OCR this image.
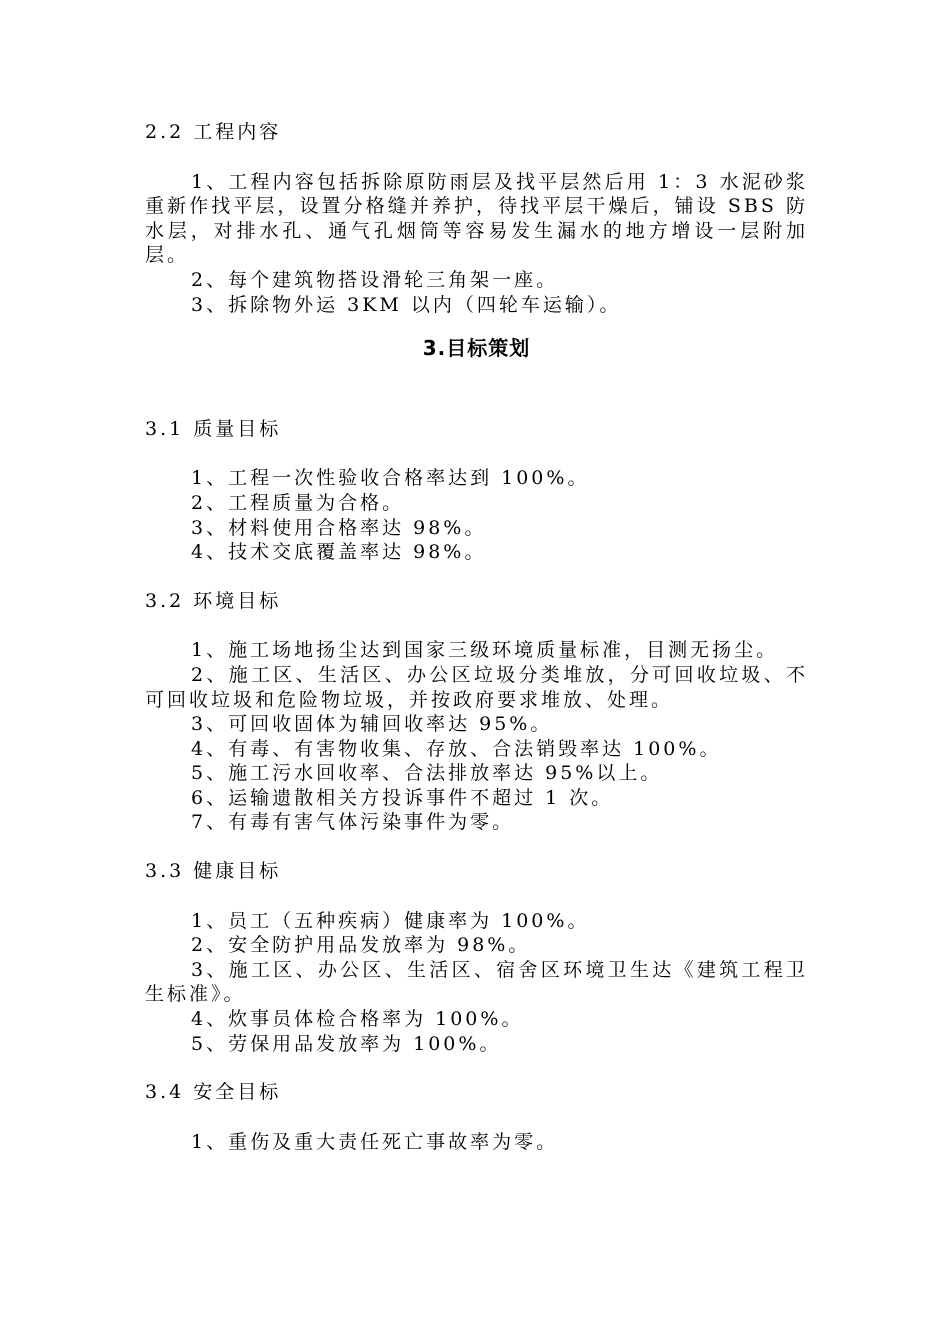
2.2 工程内容

1、工程内容包括拆除原防雨层及找平层然后用 1：3 水泥砂浆重新作找平层，设置分格缝并养护，待找平层干燥后，铺设 SBS 防水层，对排水孔、通气孔烟筒等容易发生漏水的地方增设一层附加层。

2、每个建筑物搭设滑轮三角架一座。

3、拆除物外运 3KM 以内（四轮车运输）。

3.目标策划

3.1 质量目标

1、工程一次性验收合格率达到 100%。

2、工程质量为合格。

3、材料使用合格率达 98%。

4、技术交底覆盖率达 98%。

3.2 环境目标

1、施工场地扬尘达到国家三级环境质量标准，目测无扬尘。

2、施工区、生活区、办公区垃圾分类堆放，分可回收垃圾、不可回收垃圾和危险物垃圾，并按政府要求堆放、处理。

3、可回收固体为辅回收率达 95%。

4、有毒、有害物收集、存放、合法销毁率达 100%。

5、施工污水回收率、合法排放率达 95%以上。

6、运输遗散相关方投诉事件不超过 1 次。

7、有毒有害气体污染事件为零。

3.3 健康目标

1、员工（五种疾病）健康率为 100%。

2、安全防护用品发放率为 98%。

3、施工区、办公区、生活区、宿舍区环境卫生达《建筑工程卫生标准》。

4、炊事员体检合格率为 100%。

5、劳保用品发放率为 100%。

3.4 安全目标

1、重伤及重大责任死亡事故率为零。
